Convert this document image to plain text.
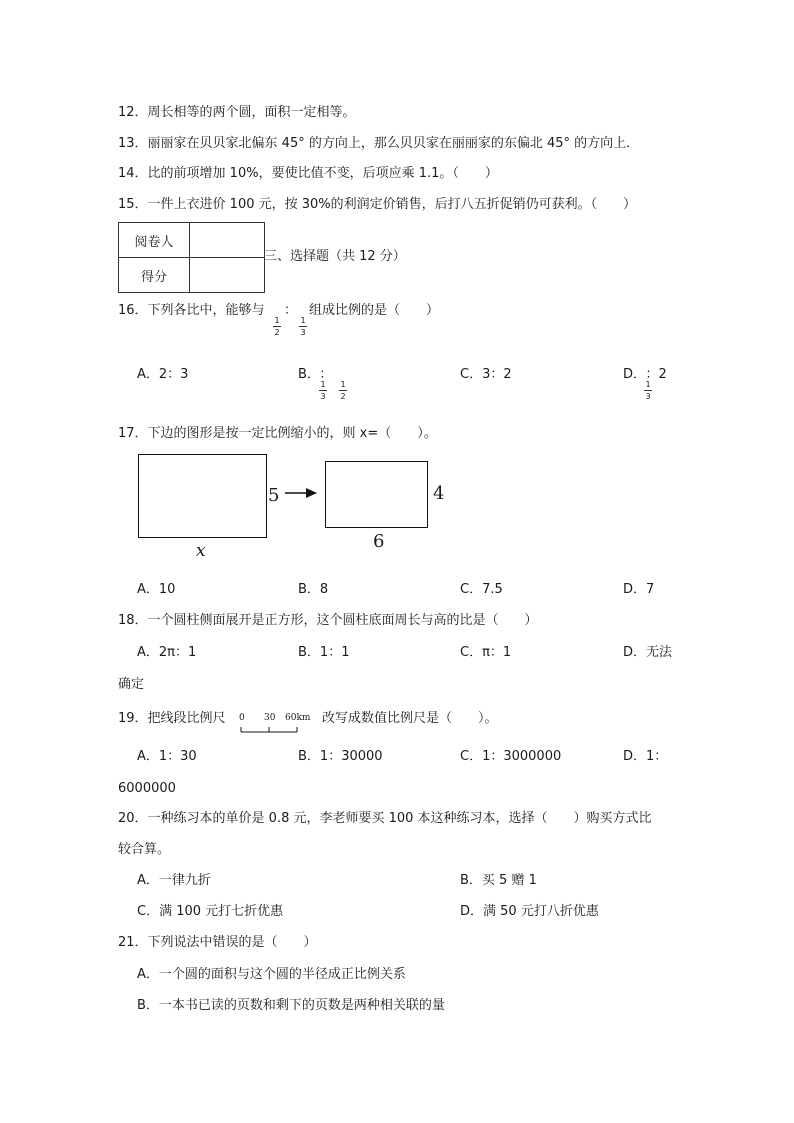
12．周长相等的两个圆，面积一定相等。
13．丽丽家在贝贝家北偏东 45° 的方向上，那么贝贝家在丽丽家的东偏北 45° 的方向上．
14．比的前项增加 10%，要使比值不变，后项应乘 1.1。（　　）
15．一件上衣进价 100 元，按 30%的利润定价销售，后打八五折促销仍可获利。（　　）
阅卷人	
得分	
三、选择题（共 12 分）
16．下列各比中，能够与
1
2
：
1
3
组成比例的是（　　）
A．2：3	B． ：
1
3
1
2
C．3：2	D． ：2
1
3
17．下边的图形是按一定比例缩小的，则 x=（　　）。
5
x
4
6
A．10	B．8	C．7.5	D．7
18．一个圆柱侧面展开是正方形，这个圆柱底面周长与高的比是（　　）
A．2π：1	B．1：1	C．π：1	D．无法
确定
19．把线段比例尺 0 30 60km 改写成数值比例尺是（　　）。
A．1：30	B．1：30000	C．1：3000000	D．1：
6000000
20．一种练习本的单价是 0.8 元，李老师要买 100 本这种练习本，选择（　　）购买方式比
较合算。
A．一律九折	B．买 5 赠 1
C．满 100 元打七折优惠	D．满 50 元打八折优惠
21．下列说法中错误的是（　　）
A．一个圆的面积与这个圆的半径成正比例关系
B．一本书已读的页数和剩下的页数是两种相关联的量
